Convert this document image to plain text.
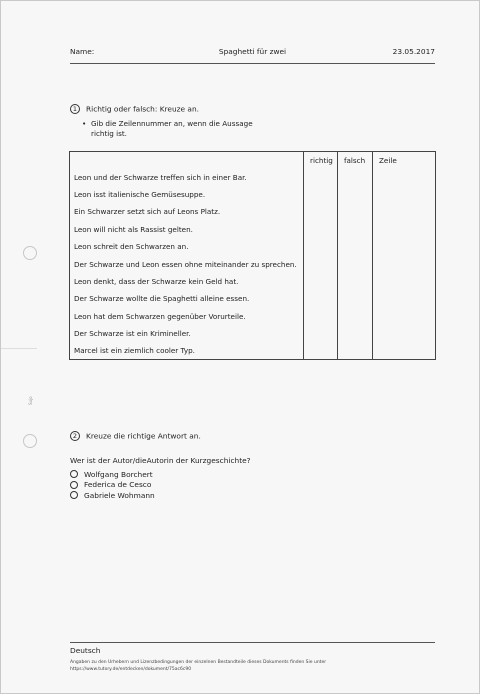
Spaghetti für zwei
Name:	23.05.2017
Sujo
1 Richtig oder falsch: Kreuze an.
• Gib die Zeilennummer an, wenn die Aussage
richtig ist.
	richtig	falsch	Zeile
Leon und der Schwarze treffen sich in einer Bar.			
Leon isst italienische Gemüsesuppe.			
Ein Schwarzer setzt sich auf Leons Platz.			
Leon will nicht als Rassist gelten.			
Leon schreit den Schwarzen an.			
Der Schwarze und Leon essen ohne miteinander zu sprechen.			
Leon denkt, dass der Schwarze kein Geld hat.			
Der Schwarze wollte die Spaghetti alleine essen.			
Leon hat dem Schwarzen gegenüber Vorurteile.			
Der Schwarze ist ein Krimineller.			
Marcel ist ein ziemlich cooler Typ.			
2 Kreuze die richtige Antwort an.
Wer ist der Autor/dieAutorin der Kurzgeschichte?
Wolfgang Borchert
Federica de Cesco
Gabriele Wohmann
Deutsch
Angaben zu den Urhebern und Lizenzbedingungen der einzelnen Bestandteile dieses Dokuments finden Sie unter
https://www.tutory.de/entdecken/dokument/75ac6c90
